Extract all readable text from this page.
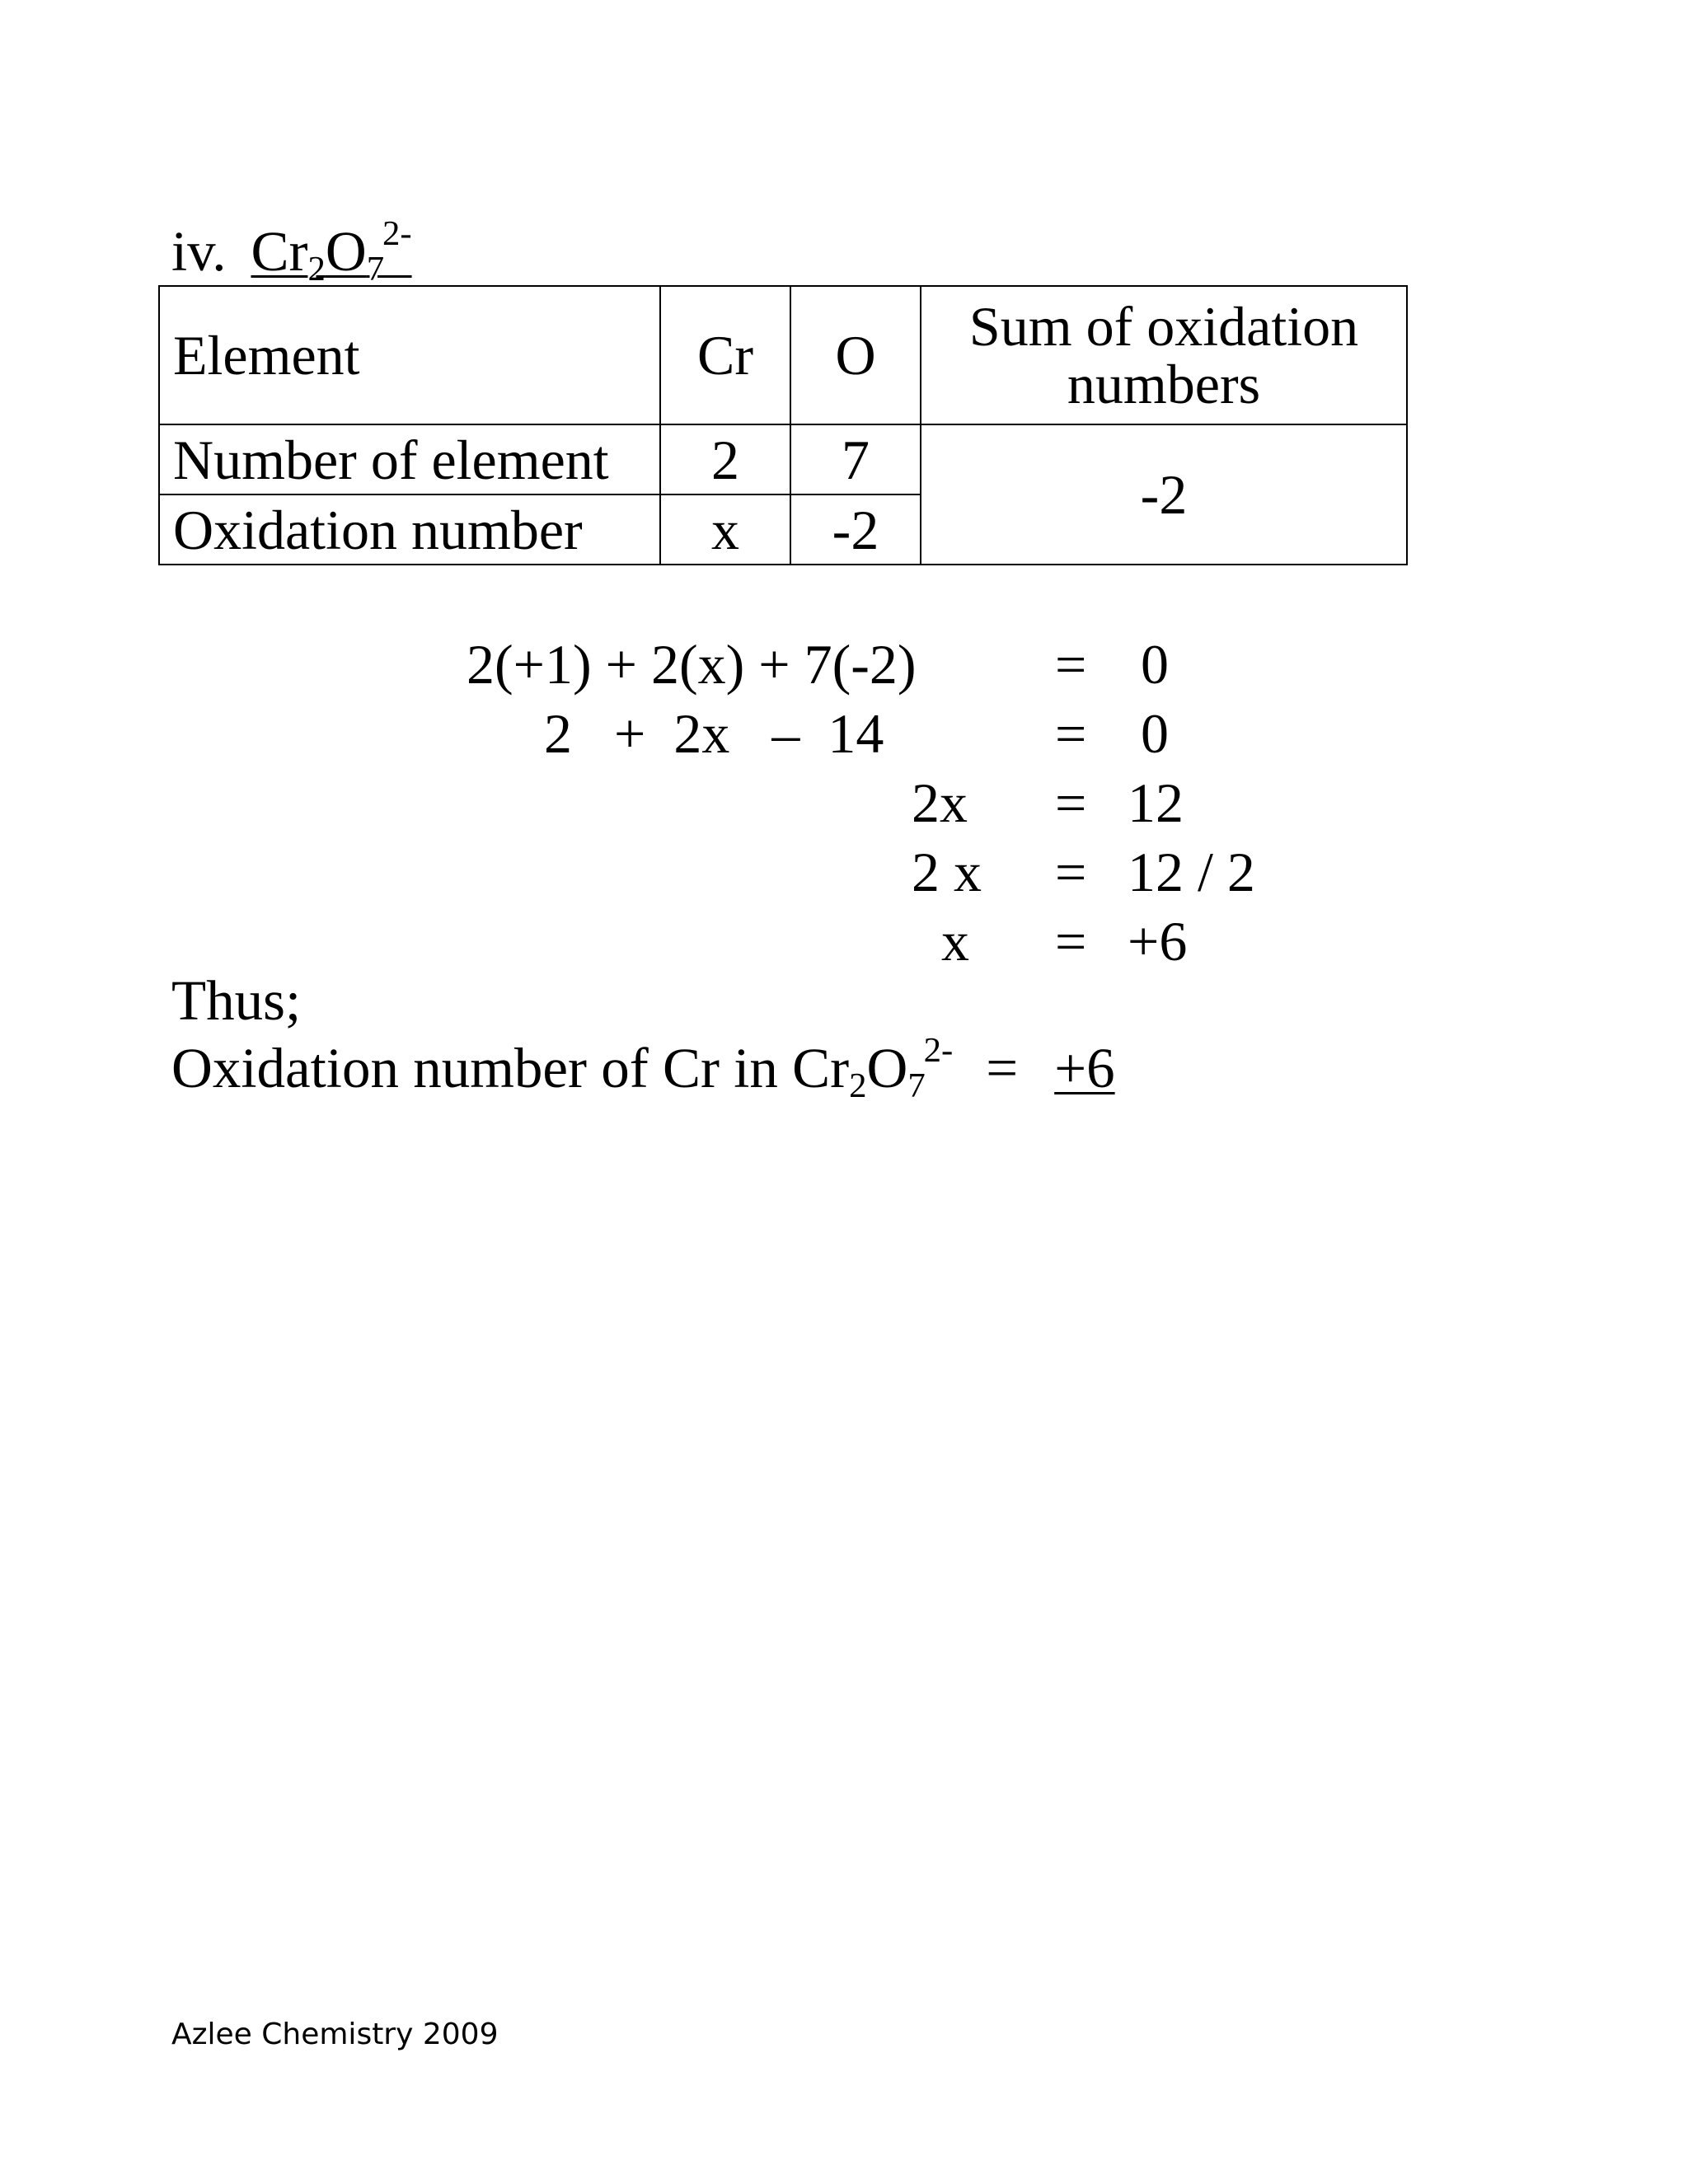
iv. $Cr_2O_7^{2-}$
Element	Cr	O	Sum of oxidation numbers
Number of element	2	7	-2
Oxidation number	x	-2	
2(+1) + 2(x) + 7(-2) = 0
2   +  2x   –  14	= 0
2x = 12
2 x = 12 / 2
x = +6
Thus;
Oxidation number of Cr in $Cr_2O_7^{2-} = +6$
Azlee Chemistry 2009
